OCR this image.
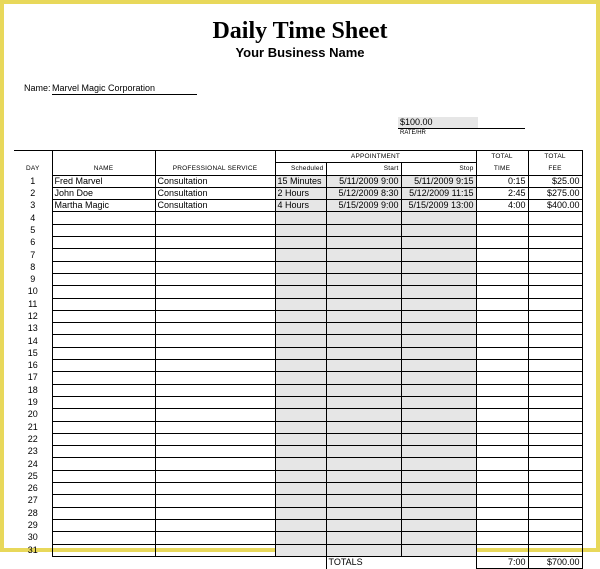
Daily Time Sheet
Your Business Name
Name: Marvel Magic Corporation
$100.00
RATE/HR
			APPOINTMENT			TOTAL	TOTAL
DAY	NAME	PROFESSIONAL SERVICE	Scheduled	Start	Stop	TIME	FEE
1	Fred Marvel	Consultation	15 Minutes	5/11/2009 9:00	5/11/2009 9:15	0:15	$25.00
2	John Doe	Consultation	2 Hours	5/12/2009 8:30	5/12/2009 11:15	2:45	$275.00
3	Martha Magic	Consultation	4 Hours	5/15/2009 9:00	5/15/2009 13:00	4:00	$400.00
4							
5							
6							
7							
8							
9							
10							
11							
12							
13							
14							
15							
16							
17							
18							
19							
20							
21							
22							
23							
24							
25							
26							
27							
28							
29							
30							
31							
				TOTALS		7:00	$700.00
